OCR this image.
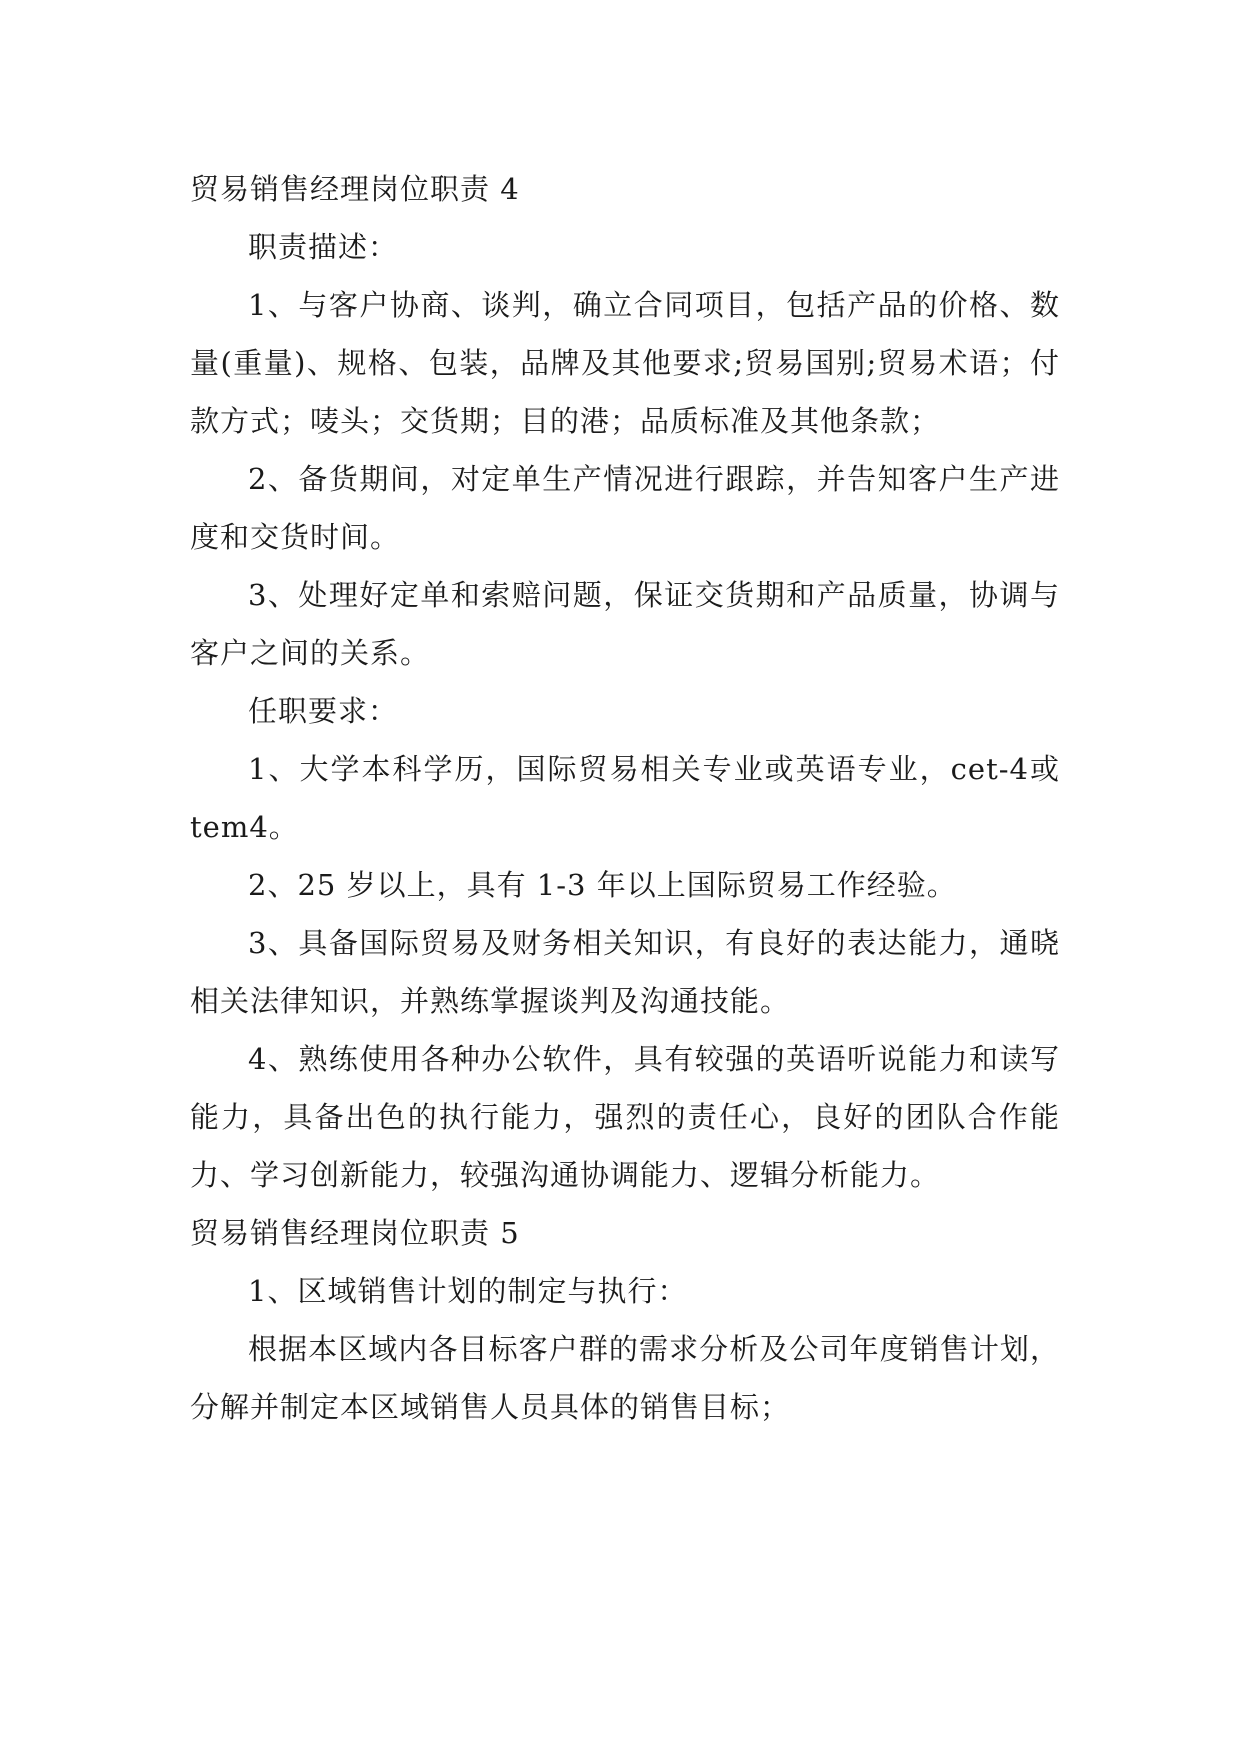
贸易销售经理岗位职责 4

职责描述：

1、与客户协商、谈判，确立合同项目，包括产品的价格、数量(重量)、规格、包装，品牌及其他要求;贸易国别;贸易术语；付款方式；唛头；交货期；目的港；品质标准及其他条款；

2、备货期间，对定单生产情况进行跟踪，并告知客户生产进度和交货时间。

3、处理好定单和索赔问题，保证交货期和产品质量，协调与客户之间的关系。

任职要求：

1、大学本科学历，国际贸易相关专业或英语专业，cet-4或 tem4。

2、25 岁以上，具有 1-3 年以上国际贸易工作经验。

3、具备国际贸易及财务相关知识，有良好的表达能力，通晓相关法律知识，并熟练掌握谈判及沟通技能。

4、熟练使用各种办公软件，具有较强的英语听说能力和读写能力，具备出色的执行能力，强烈的责任心，良好的团队合作能力、学习创新能力，较强沟通协调能力、逻辑分析能力。

贸易销售经理岗位职责 5

1、区域销售计划的制定与执行：

根据本区域内各目标客户群的需求分析及公司年度销售计划，分解并制定本区域销售人员具体的销售目标；
